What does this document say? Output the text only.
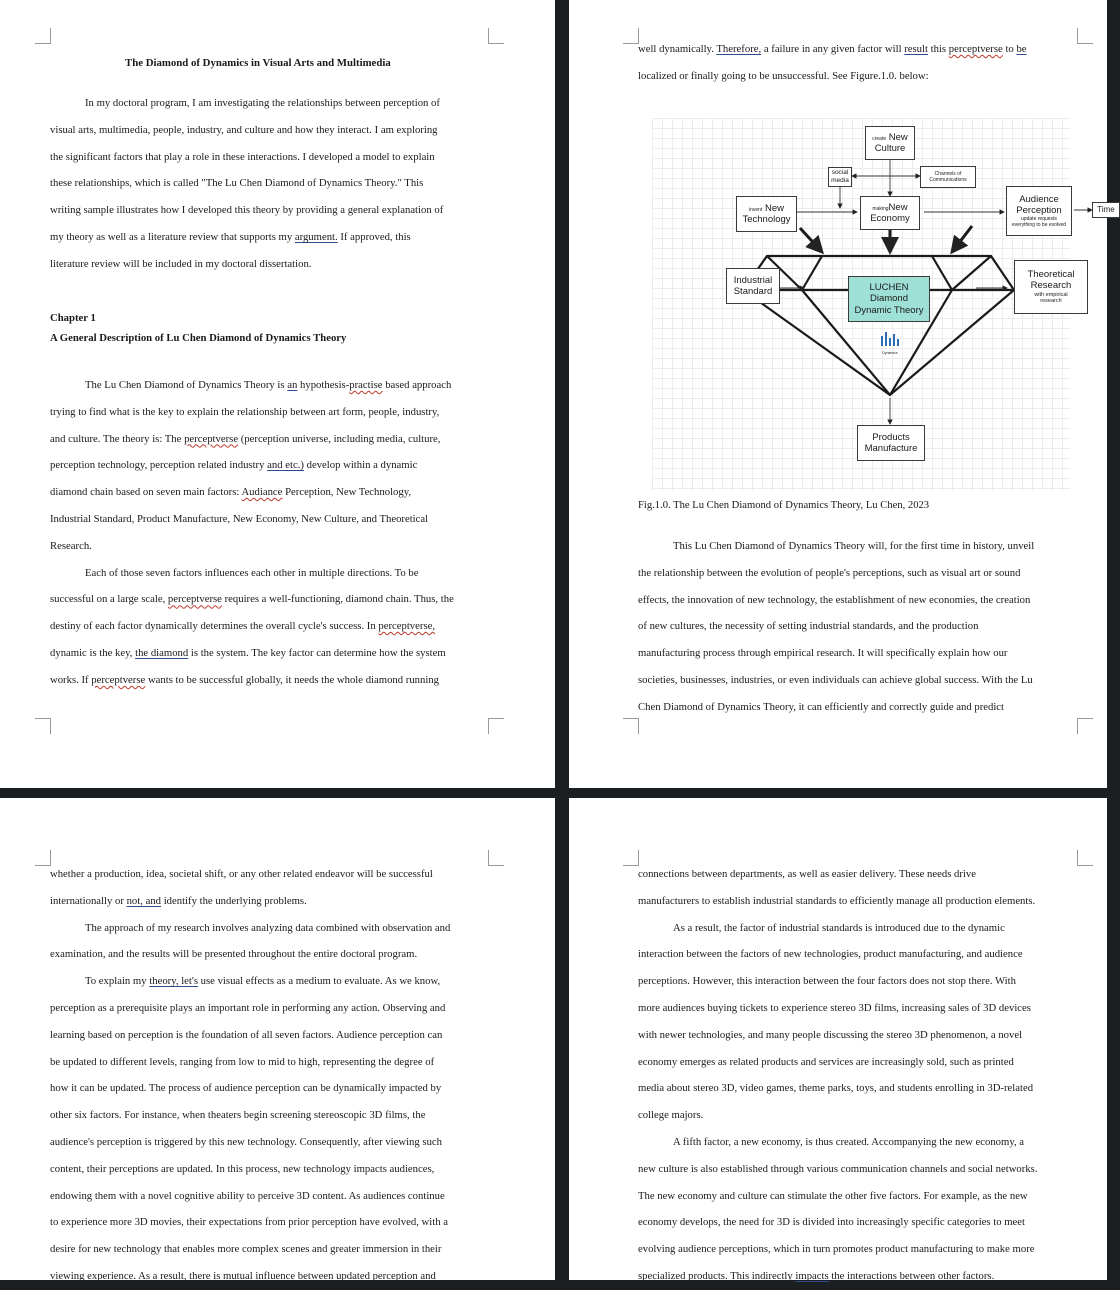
The Diamond of Dynamics in Visual Arts and Multimedia
In my doctoral program, I am investigating the relationships between perception of
visual arts, multimedia, people, industry, and culture and how they interact. I am exploring
the significant factors that play a role in these interactions. I developed a model to explain
these relationships, which is called "The Lu Chen Diamond of Dynamics Theory." This
writing sample illustrates how I developed this theory by providing a general explanation of
my theory as well as a literature review that supports my argument. If approved, this
literature review will be included in my doctoral dissertation.
Chapter 1
A General Description of Lu Chen Diamond of Dynamics Theory
The Lu Chen Diamond of Dynamics Theory is an hypothesis-practise based approach
trying to find what is the key to explain the relationship between art form, people, industry,
and culture. The theory is: The perceptverse (perception universe, including media, culture,
perception technology, perception related industry and etc.) develop within a dynamic
diamond chain based on seven main factors: Audiance Perception, New Technology,
Industrial Standard, Product Manufacture, New Economy, New Culture, and Theoretical
Research.
Each of those seven factors influences each other in multiple directions. To be
successful on a large scale, perceptverse requires a well-functioning, diamond chain. Thus, the
destiny of each factor dynamically determines the overall cycle's success. In perceptverse,
dynamic is the key, the diamond is the system. The key factor can determine how the system
works. If perceptverse wants to be successful globally, it needs the whole diamond running
well dynamically. Therefore, a failure in any given factor will result this perceptverse to be
localized or finally going to be unsuccessful. See Figure.1.0. below:
create New
Culture
social media
Channels of Communications
invent New
Technology
makingNew
Economy
Audience
Perception
update requests
everything to be evolved
Time
Industrial
Standard	LUCHEN
Diamond
Dynamic Theory
Dynamics
Theoretical
Research
with empirical
research
Products
Manufacture
Fig.1.0. The Lu Chen Diamond of Dynamics Theory, Lu Chen, 2023
This Lu Chen Diamond of Dynamics Theory will, for the first time in history, unveil
the relationship between the evolution of people's perceptions, such as visual art or sound
effects, the innovation of new technology, the establishment of new economies, the creation
of new cultures, the necessity of setting industrial standards, and the production
manufacturing process through empirical research. It will specifically explain how our
societies, businesses, industries, or even individuals can achieve global success. With the Lu
Chen Diamond of Dynamics Theory, it can efficiently and correctly guide and predict
whether a production, idea, societal shift, or any other related endeavor will be successful
internationally or not, and identify the underlying problems.
The approach of my research involves analyzing data combined with observation and
examination, and the results will be presented throughout the entire doctoral program.
To explain my theory, let's use visual effects as a medium to evaluate. As we know,
perception as a prerequisite plays an important role in performing any action. Observing and
learning based on perception is the foundation of all seven factors. Audience perception can
be updated to different levels, ranging from low to mid to high, representing the degree of
how it can be updated. The process of audience perception can be dynamically impacted by
other six factors. For instance, when theaters begin screening stereoscopic 3D films, the
audience's perception is triggered by this new technology. Consequently, after viewing such
content, their perceptions are updated. In this process, new technology impacts audiences,
endowing them with a novel cognitive ability to perceive 3D content. As audiences continue
to experience more 3D movies, their expectations from prior perception have evolved, with a
desire for new technology that enables more complex scenes and greater immersion in their
viewing experience. As a result, there is mutual influence between updated perception and
connections between departments, as well as easier delivery. These needs drive
manufacturers to establish industrial standards to efficiently manage all production elements.
As a result, the factor of industrial standards is introduced due to the dynamic
interaction between the factors of new technologies, product manufacturing, and audience
perceptions. However, this interaction between the four factors does not stop there. With
more audiences buying tickets to experience stereo 3D films, increasing sales of 3D devices
with newer technologies, and many people discussing the stereo 3D phenomenon, a novel
economy emerges as related products and services are increasingly sold, such as printed
media about stereo 3D, video games, theme parks, toys, and students enrolling in 3D-related
college majors.
A fifth factor, a new economy, is thus created. Accompanying the new economy, a
new culture is also established through various communication channels and social networks.
The new economy and culture can stimulate the other five factors. For example, as the new
economy develops, the need for 3D is divided into increasingly specific categories to meet
evolving audience perceptions, which in turn promotes product manufacturing to make more
specialized products. This indirectly impacts the interactions between other factors.
